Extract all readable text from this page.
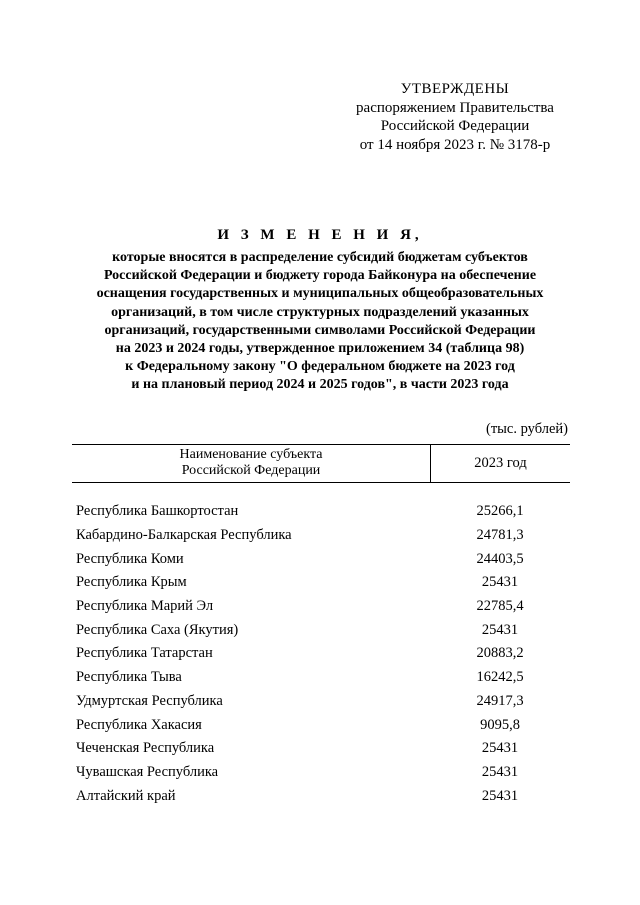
УТВЕРЖДЕНЫ
распоряжением Правительства
Российской Федерации
от 14 ноября 2023 г. № 3178-р
И З М Е Н Е Н И Я,
которые вносятся в распределение субсидий бюджетам субъектов
Российской Федерации и бюджету города Байконура на обеспечение
оснащения государственных и муниципальных общеобразовательных
организаций, в том числе структурных подразделений указанных
организаций, государственными символами Российской Федерации
на 2023 и 2024 годы, утвержденное приложением 34 (таблица 98)
к Федеральному закону "О федеральном бюджете на 2023 год
и на плановый период 2024 и 2025 годов", в части 2023 года
(тыс. рублей)
Наименование субъекта
Российской Федерации	2023 год
Республика Башкортостан	25266,1
Кабардино-Балкарская Республика	24781,3
Республика Коми	24403,5
Республика Крым	25431
Республика Марий Эл	22785,4
Республика Саха (Якутия)	25431
Республика Татарстан	20883,2
Республика Тыва	16242,5
Удмуртская Республика	24917,3
Республика Хакасия	9095,8
Чеченская Республика	25431
Чувашская Республика	25431
Алтайский край	25431
